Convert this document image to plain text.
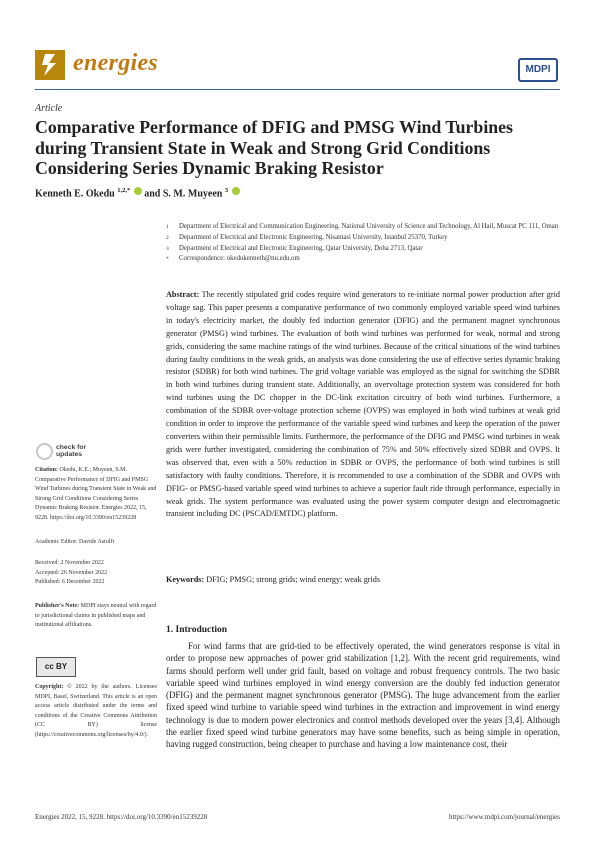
energies	MDPI
Article
Comparative Performance of DFIG and PMSG Wind Turbines during Transient State in Weak and Strong Grid Conditions Considering Series Dynamic Braking Resistor
Kenneth E. Okedu $^{1,2,*}$ and S. M. Muyeen $^3$
1	Department of Electrical and Communication Engineering, National University of Science and Technology, Al Hail, Muscat PC 111, Oman
2	Department of Electrical and Electronic Engineering, Nisantasi University, Istanbul 25370, Turkey
3	Department of Electrical and Electronic Engineering, Qatar University, Doha 2713, Qatar
*	Correspondence: okedukenneth@nu.edu.om
Abstract: The recently stipulated grid codes require wind generators to re-initiate normal power production after grid voltage sag. This paper presents a comparative performance of two commonly employed variable speed wind turbines in today's electricity market, the doubly fed induction generator (DFIG) and the permanent magnet synchronous generator (PMSG) wind turbines. The evaluation of both wind turbines was performed for weak, normal and strong grids, considering the same machine ratings of the wind turbines. Because of the critical situations of the wind turbines during faulty conditions in the weak grids, an analysis was done considering the use of effective series dynamic braking resistor (SDBR) for both wind turbines. The grid voltage variable was employed as the signal for switching the SDBR in both wind turbines during transient state. Additionally, an overvoltage protection system was considered for both wind turbines using the DC chopper in the DC-link excitation circuitry of both wind turbines. Furthermore, a combination of the SDBR over-voltage protection scheme (OVPS) was employed in both wind turbines at weak grid condition in order to improve the performance of the variable speed wind turbines and keep the operation of the power converters within their permissible limits. Furthermore, the performance of the DFIG and PMSG wind turbines in weak grids were further investigated, considering the combination of 75% and 50% effectively sized SDBR and OVPS. It was observed that, even with a 50% reduction in SDBR or OVPS, the performance of both wind turbines is still satisfactory with faulty conditions. Therefore, it is recommended to use a combination of the SDBR and OVPS with DFIG- or PMSG-based variable speed wind turbines to achieve a superior fault ride through performance, especially in weak grids. The system performance was evaluated using the power system computer design and electromagnetic transient including DC (PSCAD/EMTDC) platform.
Keywords: DFIG; PMSG; strong grids; wind energy; weak grids
check for
updates
Citation: Okedu, K.E.; Muyeen, S.M. Comparative Performance of DFIG and PMSG Wind Turbines during Transient State in Weak and Strong Grid Conditions Considering Series Dynamic Braking Resistor. Energies 2022, 15, 9228. https://doi.org/10.3390/en15239228
Academic Editor: Davide Astolfi
Received: 2 November 2022
Accepted: 26 November 2022
Published: 6 December 2022
Publisher's Note: MDPI stays neutral with regard to jurisdictional claims in published maps and institutional affiliations.
cc BY
Copyright: © 2022 by the authors. Licensee MDPI, Basel, Switzerland. This article is an open access article distributed under the terms and conditions of the Creative Commons Attribution (CC BY) license (https://creativecommons.org/licenses/by/4.0/).
1. Introduction
For wind farms that are grid-tied to be effectively operated, the wind generators response is vital in order to propose new approaches of power grid stabilization [1,2]. With the recent grid requirements, wind farms should perform well under grid fault, based on voltage and robust frequency controls. The two basic variable speed wind turbines employed in wind energy conversion are the doubly fed induction generator (DFIG) and the permanent magnet synchronous generator (PMSG). The huge advancement from the earlier fixed speed wind turbine to variable speed wind turbines in the extraction and improvement in wind energy technology is due to modern power electronics and control methods developed over the years [3,4]. Although the earlier fixed speed wind turbine generators may have some benefits, such as being simple in operation, having rugged construction, being cheaper to purchase and having a low maintenance cost, their
Energies 2022, 15, 9228. https://doi.org/10.3390/en15239228	https://www.mdpi.com/journal/energies
